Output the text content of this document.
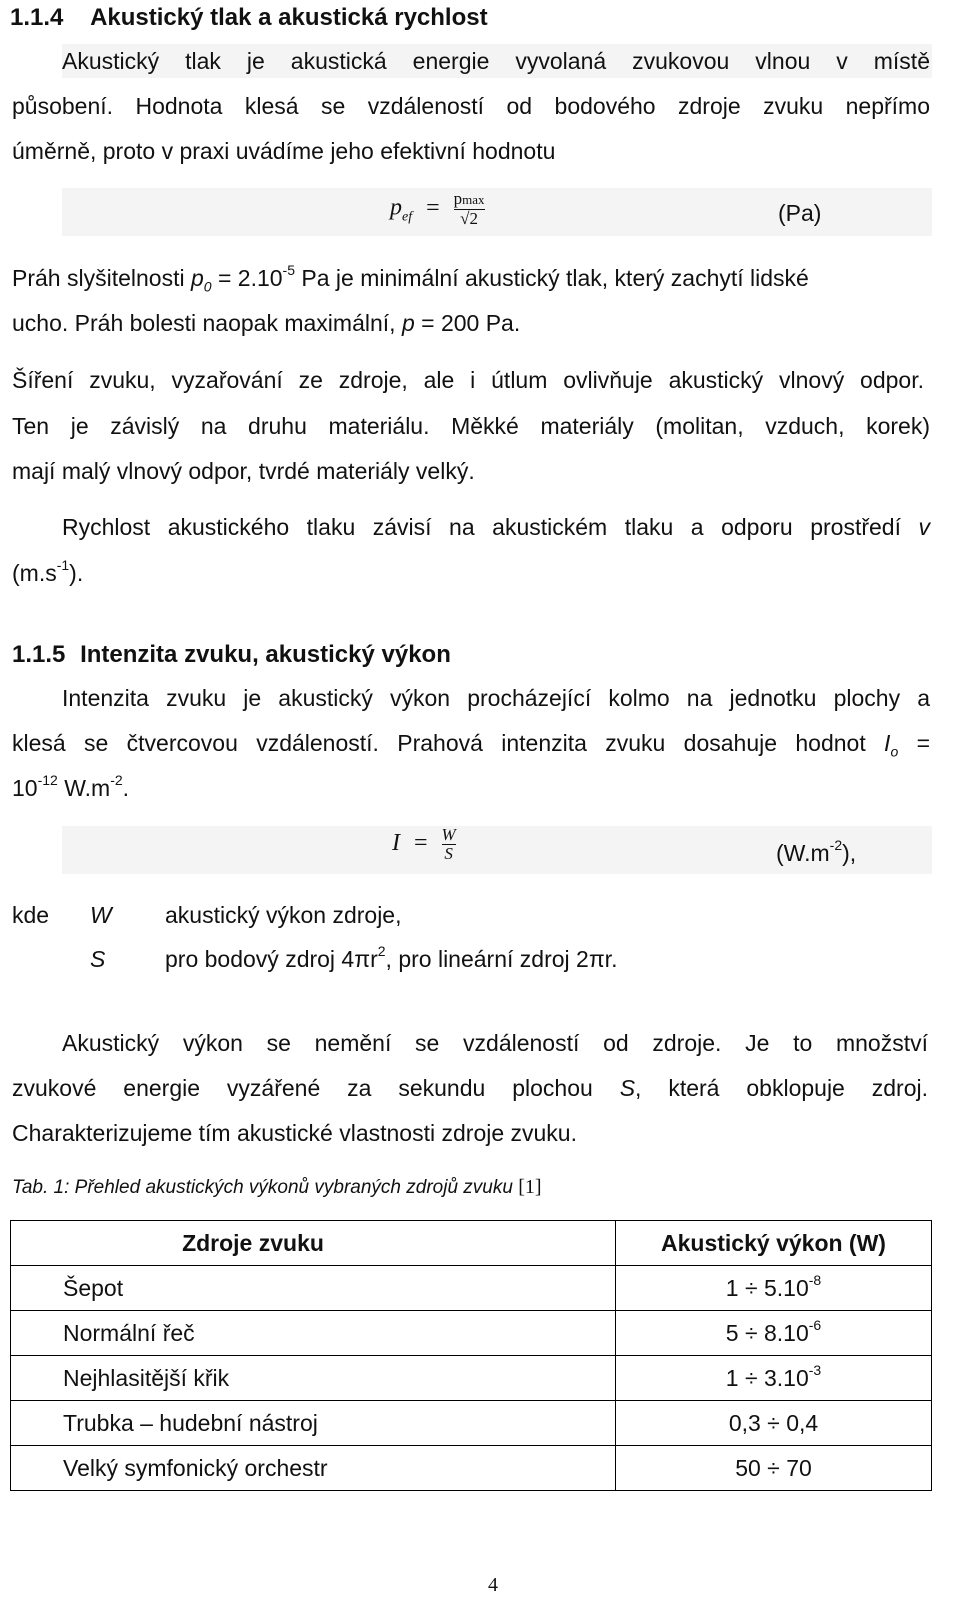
1.1.4 Akustický tlak a akustická rychlost
Akustický tlak je akustická energie vyvolaná zvukovou vlnou v místě
působení. Hodnota klesá se vzdáleností od bodového zdroje zvuku nepřímo
úměrně, proto v praxi uvádíme jeho efektivní hodnotu
$p_{ef} = \frac{pmax}{√2}$	(Pa)
Práh slyšitelnosti $p_0 = 2.10^{-5}$ Pa je minimální akustický tlak, který zachytí lidské
ucho. Práh bolesti naopak maximální, p = 200 Pa.
Šíření zvuku, vyzařování ze zdroje, ale i útlum ovlivňuje akustický vlnový odpor.
Ten je závislý na druhu materiálu. Měkké materiály (molitan, vzduch, korek)
mají malý vlnový odpor, tvrdé materiály velký.
Rychlost akustického tlaku závisí na akustickém tlaku a odporu prostředí v
$(m.s^{-1})$.
1.1.5 Intenzita zvuku, akustický výkon
Intenzita zvuku je akustický výkon procházející kolmo na jednotku plochy a
klesá se čtvercovou vzdáleností. Prahová intenzita zvuku dosahuje hodnot $I_o$ =
$10^{-12}$ $W.m^{-2}$.
$I = \frac{W}{S}$	$(W.m^{-2})$,
kde W akustický výkon zdroje,
S	pro bodový zdroj $4\pi r^2$, pro lineární zdroj 2πr.
Akustický výkon se nemění se vzdáleností od zdroje. Je to množství
zvukové energie vyzářené za sekundu plochou S, která obklopuje zdroj.
Charakterizujeme tím akustické vlastnosti zdroje zvuku.
Tab. 1: Přehled akustických výkonů vybraných zdrojů zvuku [1]
Zdroje zvuku	Akustický výkon (W)
Šepot	$1 \div 5.10^{-8}$
Normální řeč	$5 \div 8.10^{-6}$
Nejhlasitější křik	$1 \div 3.10^{-3}$
Trubka – hudební nástroj	0,3 ÷ 0,4
Velký symfonický orchestr	50 ÷ 70
4
